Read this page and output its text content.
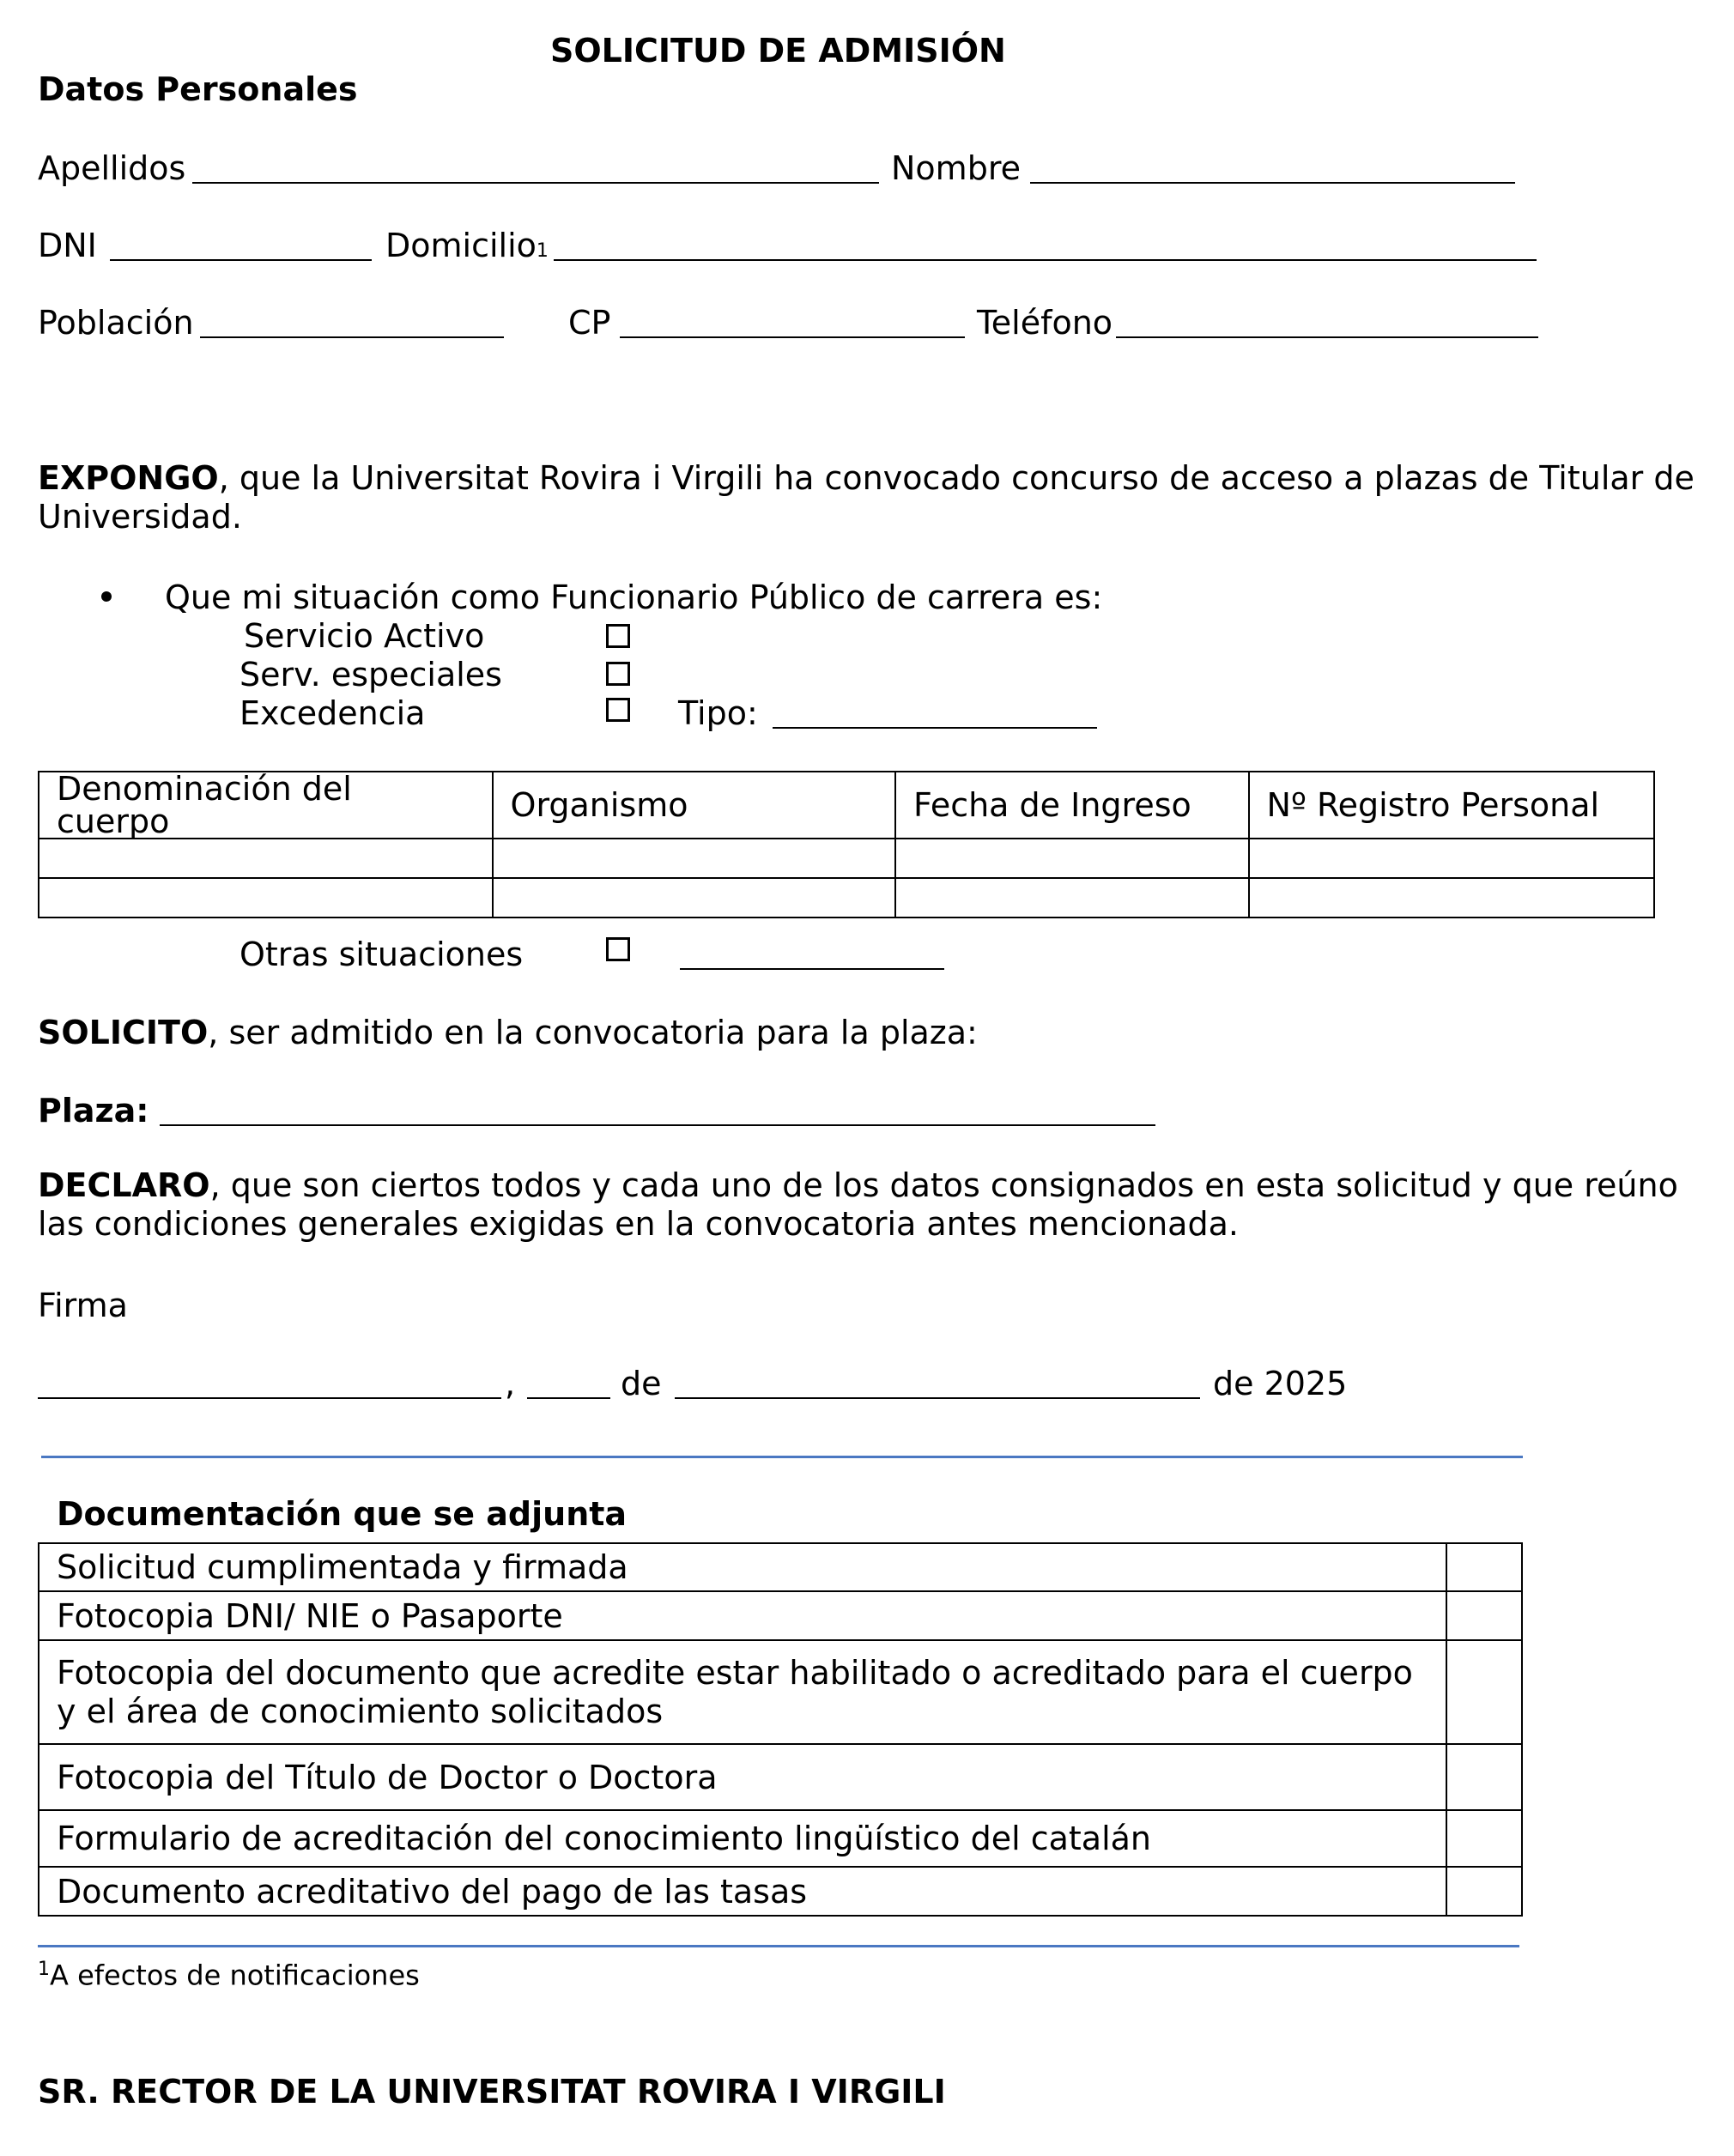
SOLICITUD DE ADMISIÓN
Datos Personales
Apellidos	Nombre
DNI	Domicilio1
Población	CP	Teléfono
EXPONGO, que la Universitat Rovira i Virgili ha convocado concurso de acceso a plazas de Titular de Universidad.
Que mi situación como Funcionario Público de carrera es:
Servicio Activo
Serv. especiales
Excedencia	Tipo:
Denominación del cuerpo	Organismo	Fecha de Ingreso	Nº Registro Personal

Otras situaciones
SOLICITO, ser admitido en la convocatoria para la plaza:
Plaza:
DECLARO, que son ciertos todos y cada uno de los datos consignados en esta solicitud y que reúno las condiciones generales exigidas en la convocatoria antes mencionada.
Firma
,	de	de 2025
Documentación que se adjunta
Solicitud cumplimentada y firmada	
Fotocopia DNI/ NIE o Pasaporte	
Fotocopia del documento que acredite estar habilitado o acreditado para el cuerpo y el área de conocimiento solicitados	
Fotocopia del Título de Doctor o Doctora	
Formulario de acreditación del conocimiento lingüístico del catalán	
Documento acreditativo del pago de las tasas	
$^1$A efectos de notificaciones
SR. RECTOR DE LA UNIVERSITAT ROVIRA I VIRGILI
